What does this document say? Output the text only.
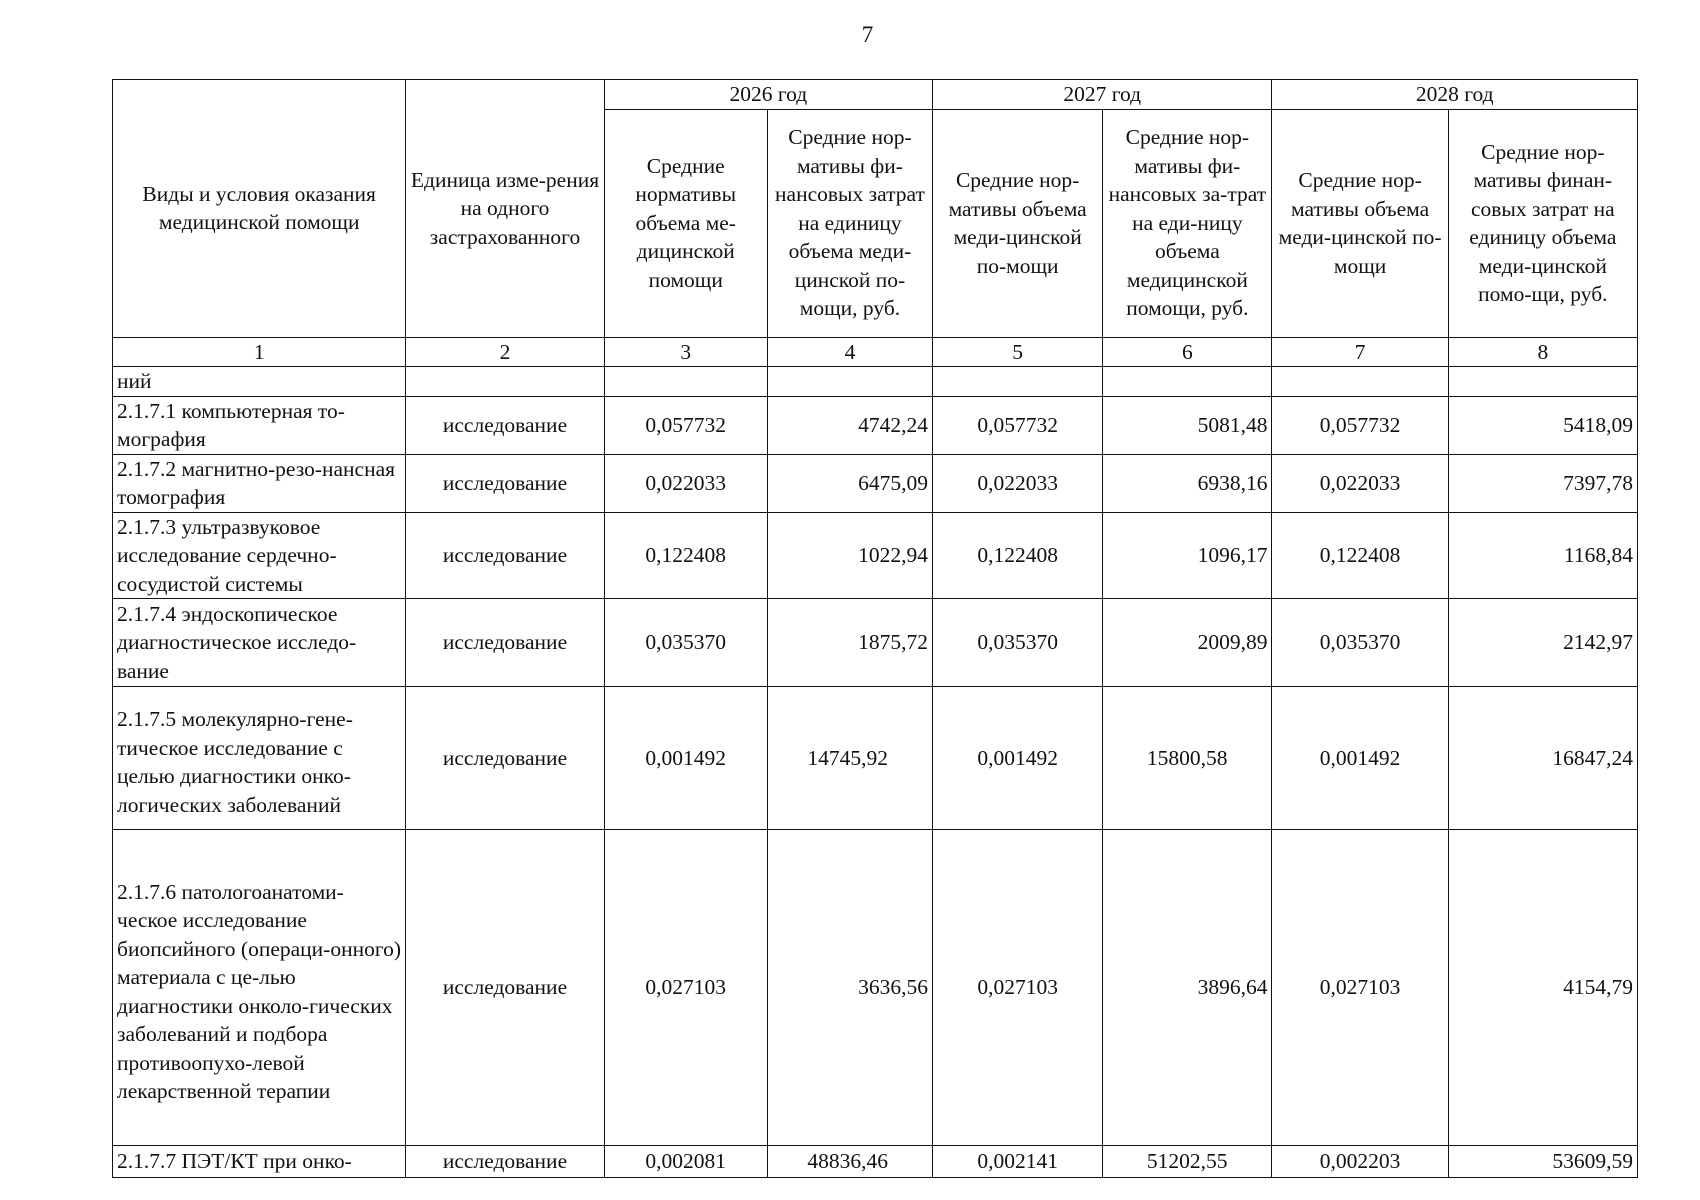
7
Виды и условия оказания медицинской помощи	Единица изме-рения на одного застрахованного	2026 год		2027 год		2028 год	
		Средние нормативы объема ме-дицинской помощи	Средние нор-мативы фи-нансовых затрат на единицу объема меди-цинской по-мощи, руб.	Средние нор-мативы объема меди-цинской по-мощи	Средние нор-мативы фи-нансовых за-трат на еди-ницу объема медицинской помощи, руб.	Средние нор-мативы объема меди-цинской по-мощи	Средние нор-мативы финан-совых затрат на единицу объема меди-цинской помо-щи, руб.
1	2	3	4	5	6	7	8
ний							
2.1.7.1 компьютерная то-мография	исследование	0,057732	4742,24	0,057732	5081,48	0,057732	5418,09
2.1.7.2 магнитно-резо-нансная томография	исследование	0,022033	6475,09	0,022033	6938,16	0,022033	7397,78
2.1.7.3 ультразвуковое исследование сердечно-сосудистой системы	исследование	0,122408	1022,94	0,122408	1096,17	0,122408	1168,84
2.1.7.4 эндоскопическое диагностическое исследо-вание	исследование	0,035370	1875,72	0,035370	2009,89	0,035370	2142,97
2.1.7.5 молекулярно-гене-тическое исследование с целью диагностики онко-логических заболеваний	исследование	0,001492	14745,92	0,001492	15800,58	0,001492	16847,24
2.1.7.6 патологоанатоми-ческое исследование биопсийного (операци-онного) материала с це-лью диагностики онколо-гических заболеваний и подбора противоопухо-левой лекарственной терапии	исследование	0,027103	3636,56	0,027103	3896,64	0,027103	4154,79
2.1.7.7 ПЭТ/КТ при онко-	исследование	0,002081	48836,46	0,002141	51202,55	0,002203	53609,59
